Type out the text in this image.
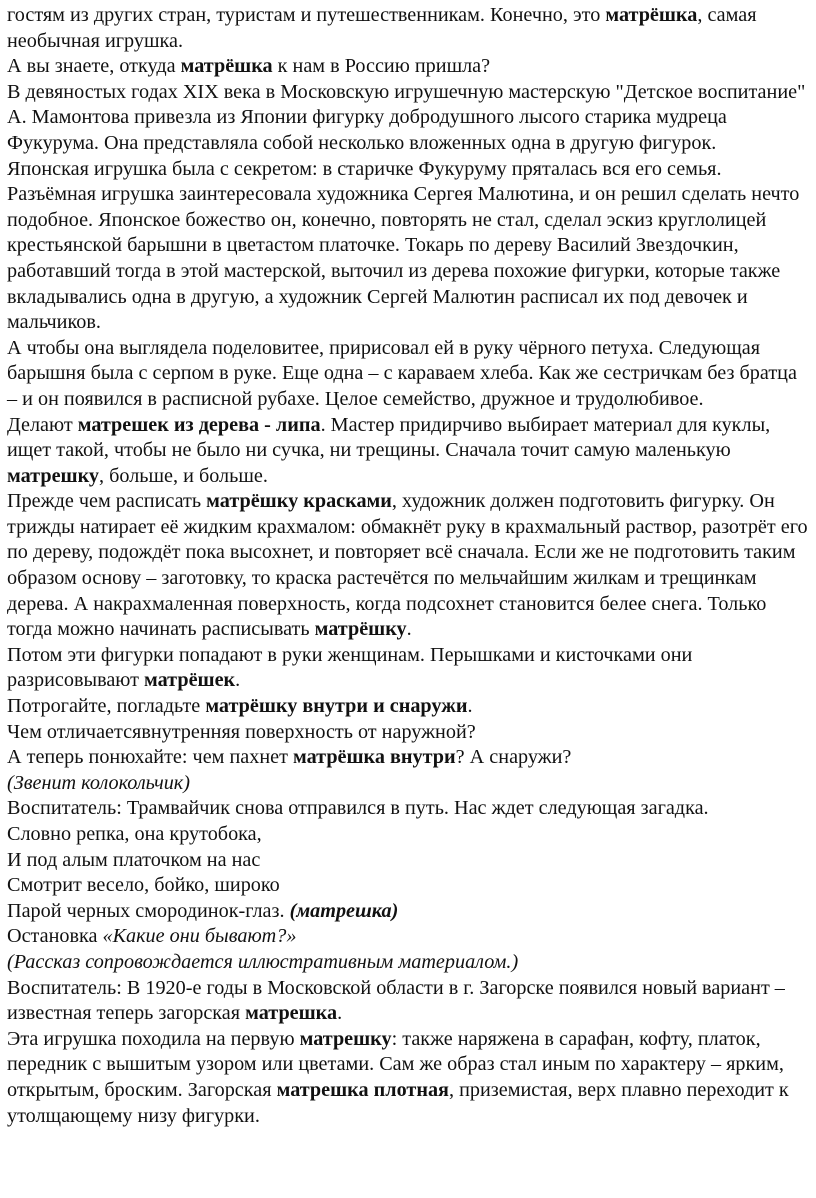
гостям из других стран, туристам и путешественникам. Конечно, это матрёшка, самая необычная игрушка.

А вы знаете, откуда матрёшка к нам в Россию пришла?

В девяностых годах XIX века в Московскую игрушечную мастерскую "Детское воспитание" А. Мамонтова привезла из Японии фигурку добродушного лысого старика мудреца Фукурума. Она представляла собой несколько вложенных одна в другую фигурок.

Японская игрушка была с секретом: в старичке Фукуруму пряталась вся его семья. Разъёмная игрушка заинтересовала художника Сергея Малютина, и он решил сделать нечто подобное. Японское божество он, конечно, повторять не стал, сделал эскиз круглолицей крестьянской барышни в цветастом платочке. Токарь по дереву Василий Звездочкин, работавший тогда в этой мастерской, выточил из дерева похожие фигурки, которые также вкладывались одна в другую, а художник Сергей Малютин расписал их под девочек и мальчиков.

А чтобы она выглядела поделовитее, пририсовал ей в руку чёрного петуха. Следующая барышня была с серпом в руке. Еще одна – с караваем хлеба. Как же сестричкам без братца – и он появился в расписной рубахе. Целое семейство, дружное и трудолюбивое.

Делают матрешек из дерева - липа. Мастер придирчиво выбирает материал для куклы, ищет такой, чтобы не было ни сучка, ни трещины. Сначала точит самую маленькую матрешку, больше, и больше.

Прежде чем расписать матрёшку красками, художник должен подготовить фигурку. Он трижды натирает её жидким крахмалом: обмакнёт руку в крахмальный раствор, разотрёт его по дереву, подождёт пока высохнет, и повторяет всё сначала. Если же не подготовить таким образом основу – заготовку, то краска растечётся по мельчайшим жилкам и трещинкам дерева. А накрахмаленная поверхность, когда подсохнет становится белее снега. Только тогда можно начинать расписывать матрёшку.

Потом эти фигурки попадают в руки женщинам. Перышками и кисточками они разрисовывают матрёшек.

Потрогайте, погладьте матрёшку внутри и снаружи.

Чем отличаетсявнутренняя поверхность от наружной?

А теперь понюхайте: чем пахнет матрёшка внутри? А снаружи?

(Звенит колокольчик)

Воспитатель: Трамвайчик снова отправился в путь. Нас ждет следующая загадка.

Словно репка, она крутобока,

И под алым платочком на нас

Смотрит весело, бойко, широко

Парой черных смородинок-глаз. (матрешка)

Остановка «Какие они бывают?»

(Рассказ сопровождается иллюстративным материалом.)

Воспитатель: В 1920-е годы в Московской области в г. Загорске появился новый вариант – известная теперь загорская матрешка.

Эта игрушка походила на первую матрешку: также наряжена в сарафан, кофту, платок, передник с вышитым узором или цветами. Сам же образ стал иным по характеру – ярким, открытым, броским. Загорская матрешка плотная, приземистая, верх плавно переходит к утолщающему низу фигурки.
